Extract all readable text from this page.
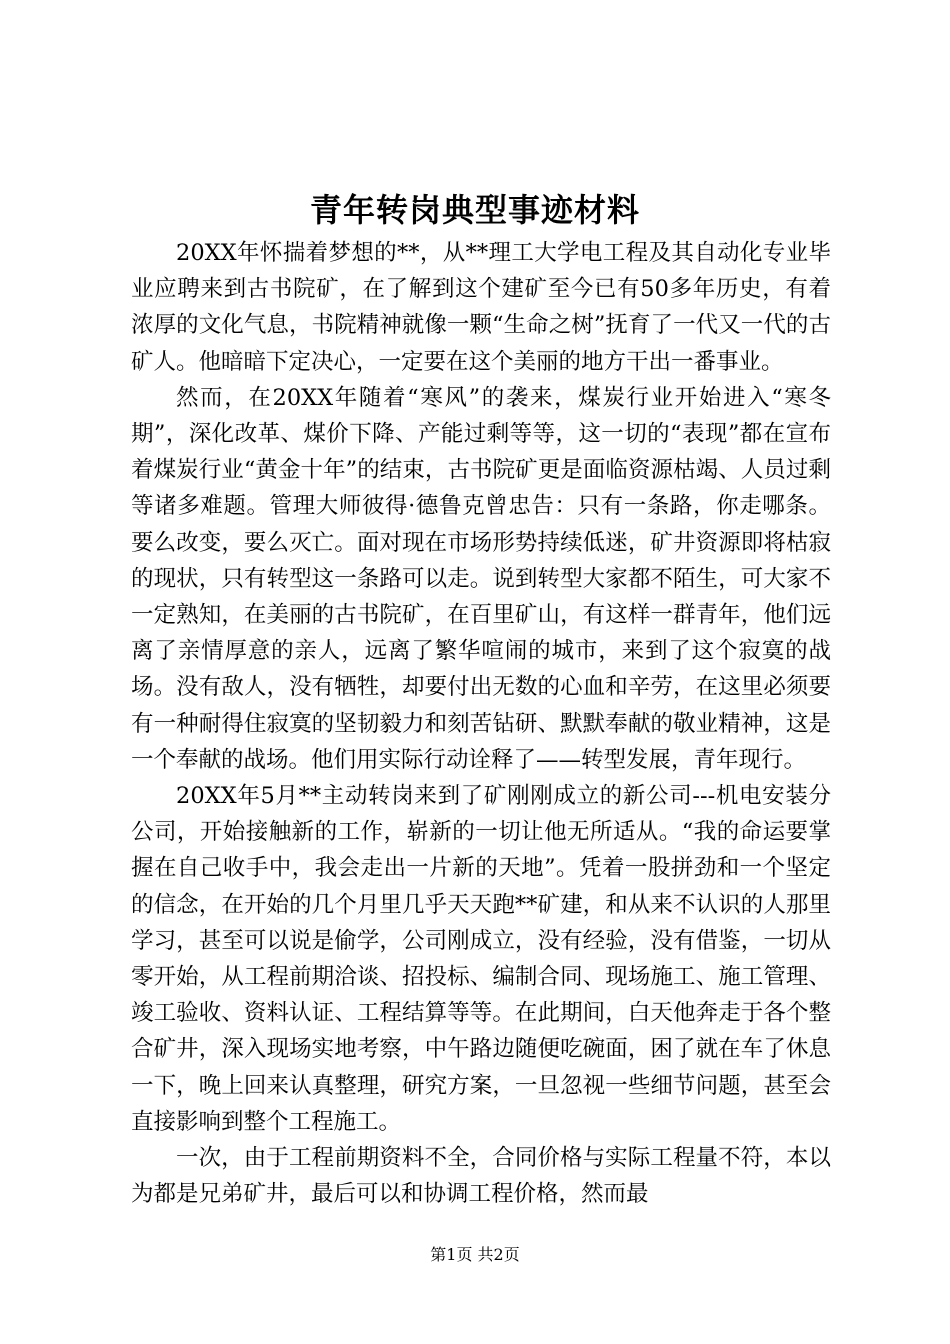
青年转岗典型事迹材料

20XX年怀揣着梦想的**，从**理工大学电工程及其自动化专业毕业应聘来到古书院矿，在了解到这个建矿至今已有50多年历史，有着浓厚的文化气息，书院精神就像一颗“生命之树”抚育了一代又一代的古矿人。他暗暗下定决心，一定要在这个美丽的地方干出一番事业。

然而，在20XX年随着“寒风”的袭来，煤炭行业开始进入“寒冬期”，深化改革、煤价下降、产能过剩等等，这一切的“表现”都在宣布着煤炭行业“黄金十年”的结束，古书院矿更是面临资源枯竭、人员过剩等诸多难题。管理大师彼得·德鲁克曾忠告：只有一条路，你走哪条。要么改变，要么灭亡。面对现在市场形势持续低迷，矿井资源即将枯寂的现状，只有转型这一条路可以走。说到转型大家都不陌生，可大家不一定熟知，在美丽的古书院矿，在百里矿山，有这样一群青年，他们远离了亲情厚意的亲人，远离了繁华喧闹的城市，来到了这个寂寞的战场。没有敌人，没有牺牲，却要付出无数的心血和辛劳，在这里必须要有一种耐得住寂寞的坚韧毅力和刻苦钻研、默默奉献的敬业精神，这是一个奉献的战场。他们用实际行动诠释了——转型发展，青年现行。

20XX年5月**主动转岗来到了矿刚刚成立的新公司---机电安装分公司，开始接触新的工作，崭新的一切让他无所适从。“我的命运要掌握在自己收手中，我会走出一片新的天地”。凭着一股拼劲和一个坚定的信念，在开始的几个月里几乎天天跑**矿建，和从来不认识的人那里学习，甚至可以说是偷学，公司刚成立，没有经验，没有借鉴，一切从零开始，从工程前期洽谈、招投标、编制合同、现场施工、施工管理、竣工验收、资料认证、工程结算等等。在此期间，白天他奔走于各个整合矿井，深入现场实地考察，中午路边随便吃碗面，困了就在车了休息一下，晚上回来认真整理，研究方案，一旦忽视一些细节问题，甚至会直接影响到整个工程施工。

一次，由于工程前期资料不全，合同价格与实际工程量不符，本以为都是兄弟矿井，最后可以和协调工程价格，然而最

第1页 共2页
